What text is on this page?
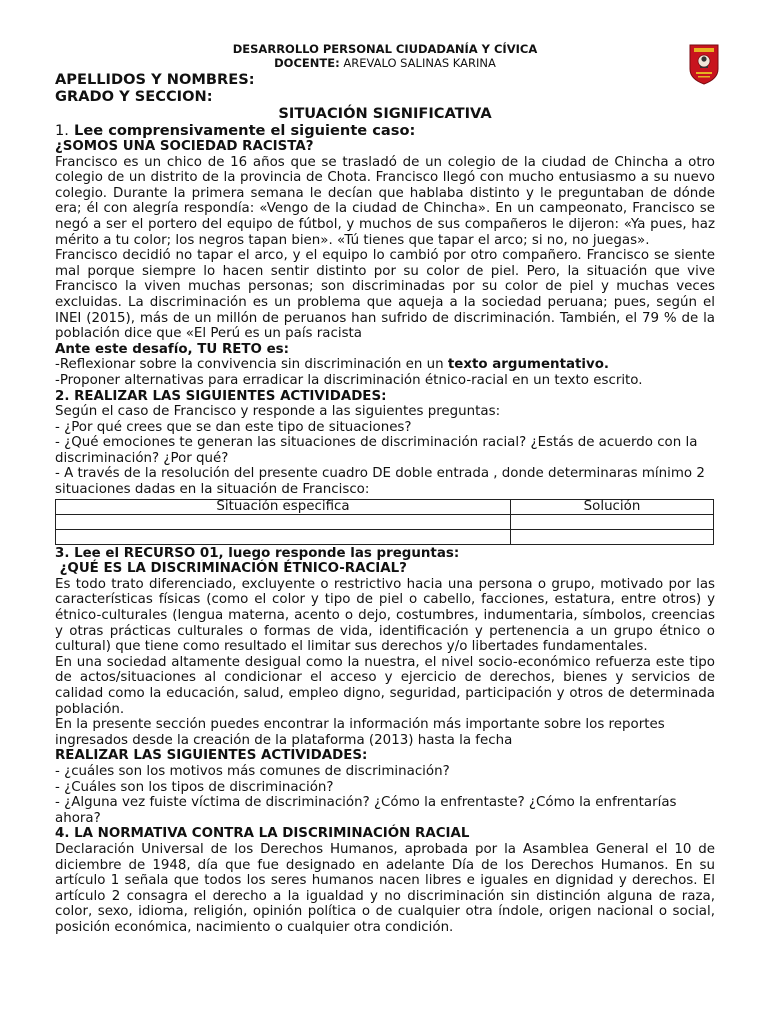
DESARROLLO PERSONAL CIUDADANÍA Y CÍVICA
DOCENTE: AREVALO SALINAS KARINA
APELLIDOS Y NOMBRES:
GRADO Y SECCION:
SITUACIÓN SIGNIFICATIVA
1. Lee comprensivamente el siguiente caso:

¿SOMOS UNA SOCIEDAD RACISTA?

Francisco es un chico de 16 años que se trasladó de un colegio de la ciudad de Chincha a otro colegio de un distrito de la provincia de Chota. Francisco llegó con mucho entusiasmo a su nuevo colegio. Durante la primera semana le decían que hablaba distinto y le preguntaban de dónde era; él con alegría respondía: «Vengo de la ciudad de Chincha». En un campeonato, Francisco se negó a ser el portero del equipo de fútbol, y muchos de sus compañeros le dijeron: «Ya pues, haz mérito a tu color; los negros tapan bien». «Tú tienes que tapar el arco; si no, no juegas».

Francisco decidió no tapar el arco, y el equipo lo cambió por otro compañero. Francisco se siente mal porque siempre lo hacen sentir distinto por su color de piel. Pero, la situación que vive Francisco la viven muchas personas; son discriminadas por su color de piel y muchas veces excluidas. La discriminación es un problema que aqueja a la sociedad peruana; pues, según el INEI (2015), más de un millón de peruanos han sufrido de discriminación. También, el 79 % de la población dice que «El Perú es un país racista

Ante este desafío, TU RETO es:

-Reflexionar sobre la convivencia sin discriminación en un texto argumentativo.

-Proponer alternativas para erradicar la discriminación étnico-racial en un texto escrito.

2. REALIZAR LAS SIGUIENTES ACTIVIDADES:

Según el caso de Francisco y responde a las siguientes preguntas:

- ¿Por qué crees que se dan este tipo de situaciones?

- ¿Qué emociones te generan las situaciones de discriminación racial? ¿Estás de acuerdo con la discriminación? ¿Por qué?

- A través de la resolución del presente cuadro DE doble entrada , donde determinaras mínimo 2 situaciones dadas en la situación de Francisco:

Situación especifica	Solución

3. Lee el RECURSO 01, luego responde las preguntas:

¿QUÉ ES LA DISCRIMINACIÓN ÉTNICO-RACIAL?

Es todo trato diferenciado, excluyente o restrictivo hacia una persona o grupo, motivado por las características físicas (como el color y tipo de piel o cabello, facciones, estatura, entre otros) y étnico-culturales (lengua materna, acento o dejo, costumbres, indumentaria, símbolos, creencias y otras prácticas culturales o formas de vida, identificación y pertenencia a un grupo étnico o cultural) que tiene como resultado el limitar sus derechos y/o libertades fundamentales.

En una sociedad altamente desigual como la nuestra, el nivel socio-económico refuerza este tipo de actos/situaciones al condicionar el acceso y ejercicio de derechos, bienes y servicios de calidad como la educación, salud, empleo digno, seguridad, participación y otros de determinada población.

En la presente sección puedes encontrar la información más importante sobre los reportes ingresados desde la creación de la plataforma (2013) hasta la fecha

REALIZAR LAS SIGUIENTES ACTIVIDADES:

- ¿cuáles son los motivos más comunes de discriminación?

- ¿Cuáles son los tipos de discriminación?

- ¿Alguna vez fuiste víctima de discriminación? ¿Cómo la enfrentaste? ¿Cómo la enfrentarías ahora?

4. LA NORMATIVA CONTRA LA DISCRIMINACIÓN RACIAL

Declaración Universal de los Derechos Humanos, aprobada por la Asamblea General el 10 de diciembre de 1948, día que fue designado en adelante Día de los Derechos Humanos. En su artículo 1 señala que todos los seres humanos nacen libres e iguales en dignidad y derechos. El artículo 2 consagra el derecho a la igualdad y no discriminación sin distinción alguna de raza, color, sexo, idioma, religión, opinión política o de cualquier otra índole, origen nacional o social, posición económica, nacimiento o cualquier otra condición.
